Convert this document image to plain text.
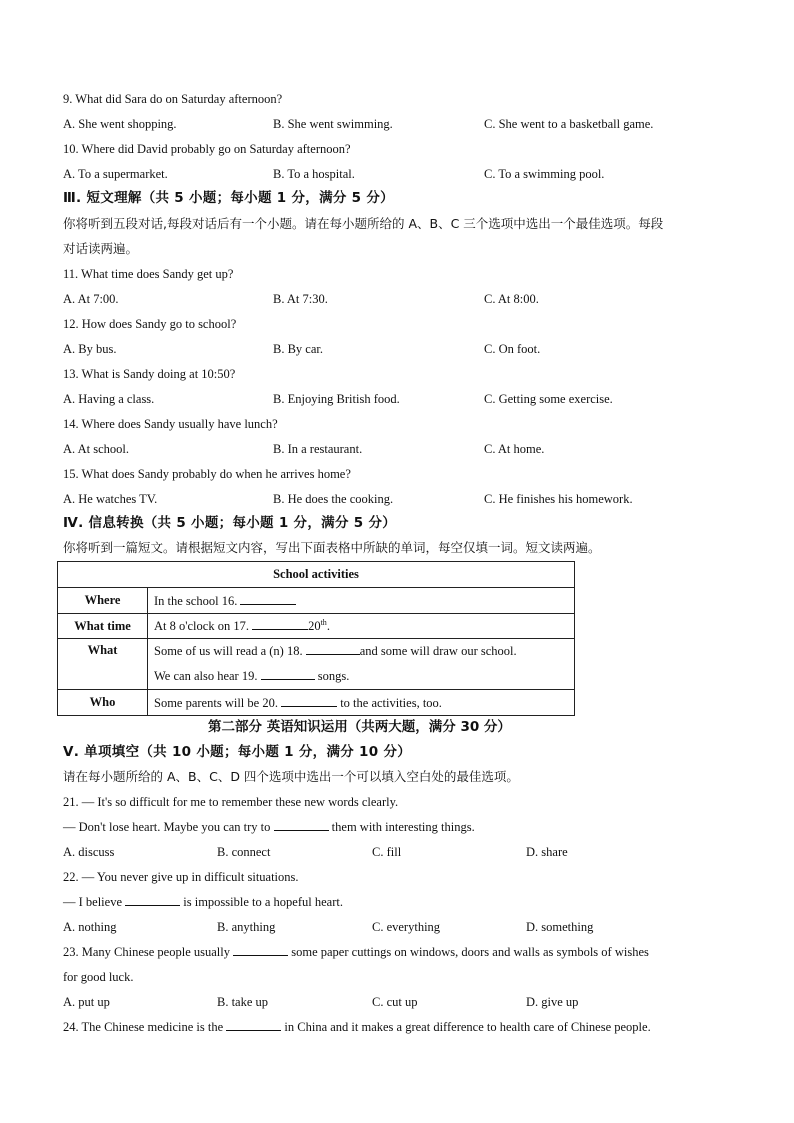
9. What did Sara do on Saturday afternoon?
A. She went shopping.	B. She went swimming.	C. She went to a basketball game.
10. Where did David probably go on Saturday afternoon?
A. To a supermarket.	B. To a hospital.	C. To a swimming pool.
Ⅲ. 短文理解（共 5 小题；每小题 1 分，满分 5 分）
你将听到五段对话,每段对话后有一个小题。请在每小题所给的 A、B、C 三个选项中选出一个最佳选项。每段
对话读两遍。
11. What time does Sandy get up?
A. At 7:00.	B. At 7:30.	C. At 8:00.
12. How does Sandy go to school?
A. By bus.	B. By car.	C. On foot.
13. What is Sandy doing at 10:50?
A. Having a class.	B. Enjoying British food.	C. Getting some exercise.
14. Where does Sandy usually have lunch?
A. At school.	B. In a restaurant.	C. At home.
15. What does Sandy probably do when he arrives home?
A. He watches TV.	B. He does the cooking.	C. He finishes his homework.
Ⅳ. 信息转换（共 5 小题；每小题 1 分，满分 5 分）
你将听到一篇短文。请根据短文内容，写出下面表格中所缺的单词，每空仅填一词。短文读两遍。
School activities	
Where	In the school 16.
What time	At 8 o'clock on 17. 20th.
What	Some of us will read a (n) 18. and some will draw our school.
We can also hear 19. songs.

Who	Some parents will be 20. to the activities, too.
第二部分 英语知识运用（共两大题，满分 30 分）
Ⅴ. 单项填空（共 10 小题；每小题 1 分，满分 10 分）
请在每小题所给的 A、B、C、D 四个选项中选出一个可以填入空白处的最佳选项。
21. — It's so difficult for me to remember these new words clearly.
— Don't lose heart. Maybe you can try to	them with interesting things.
A. discuss	B. connect	C. fill	D. share
22. — You never give up in difficult situations.
— I believe	is impossible to a hopeful heart.
A. nothing	B. anything	C. everything	D. something
23. Many Chinese people usually	some paper cuttings on windows, doors and walls as symbols of wishes
for good luck.
A. put up	B. take up	C. cut up	D. give up
24. The Chinese medicine is the	in China and it makes a great difference to health care of Chinese people.
